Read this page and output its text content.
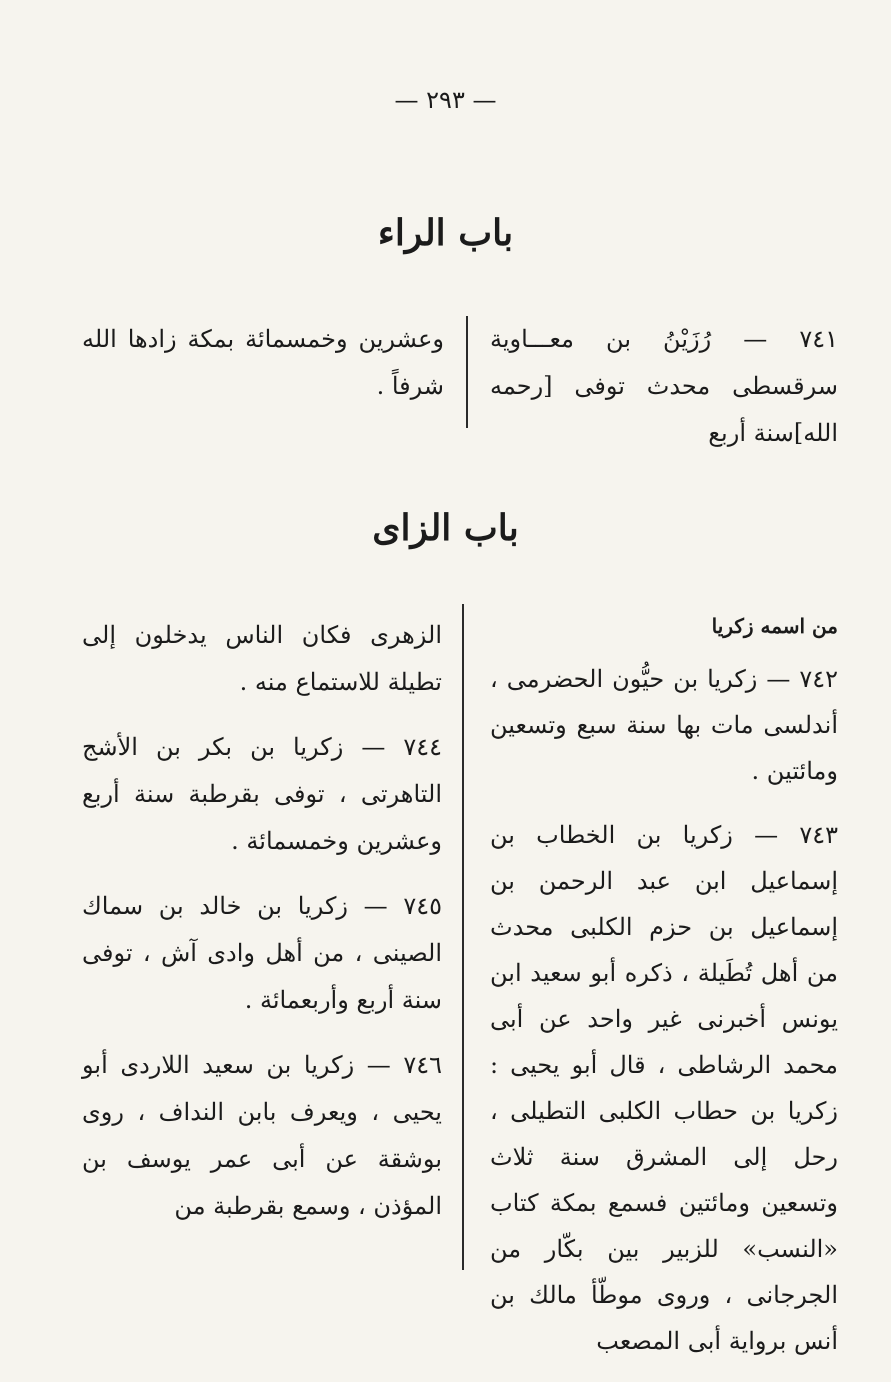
— ٢٩٣ —
باب الراء

٧٤١ — رُزَيْنُ بن معـــاوية سرقسطى محدث توفى [رحمه الله]سنة أربع

وعشرين وخمسمائة بمكة زادها الله شرفاً .

باب الزاى

من اسمه زكريا

٧٤٢ — زكريا بن حيُّون الحضرمى ، أندلسى مات بها سنة سبع وتسعين ومائتين .

٧٤٣ — زكريا بن الخطاب بن إسماعيل ابن عبد الرحمن بن إسماعيل بن حزم الكلبى محدث من أهل تُطَيلة ، ذكره أبو سعيد ابن يونس أخبرنى غير واحد عن أبى محمد الرشاطى ، قال أبو يحيى : زكريا بن حطاب الكلبى التطيلى ، رحل إلى المشرق سنة ثلاث وتسعين ومائتين فسمع بمكة كتاب «النسب» للزبير بين بكّار من الجرجانى ، وروى موطّأ مالك بن أنس برواية أبى المصعب

الزهرى فكان الناس يدخلون إلى تطيلة للاستماع منه .

٧٤٤ — زكريا بن بكر بن الأشج التاهرتى ، توفى بقرطبة سنة أربع وعشرين وخمسمائة .

٧٤٥ — زكريا بن خالد بن سماك الصينى ، من أهل وادى آش ، توفى سنة أربع وأربعمائة .

٧٤٦ — زكريا بن سعيد اللاردى أبو يحيى ، ويعرف بابن النداف ، روى بوشقة عن أبى عمر يوسف بن المؤذن ، وسمع بقرطبة من
